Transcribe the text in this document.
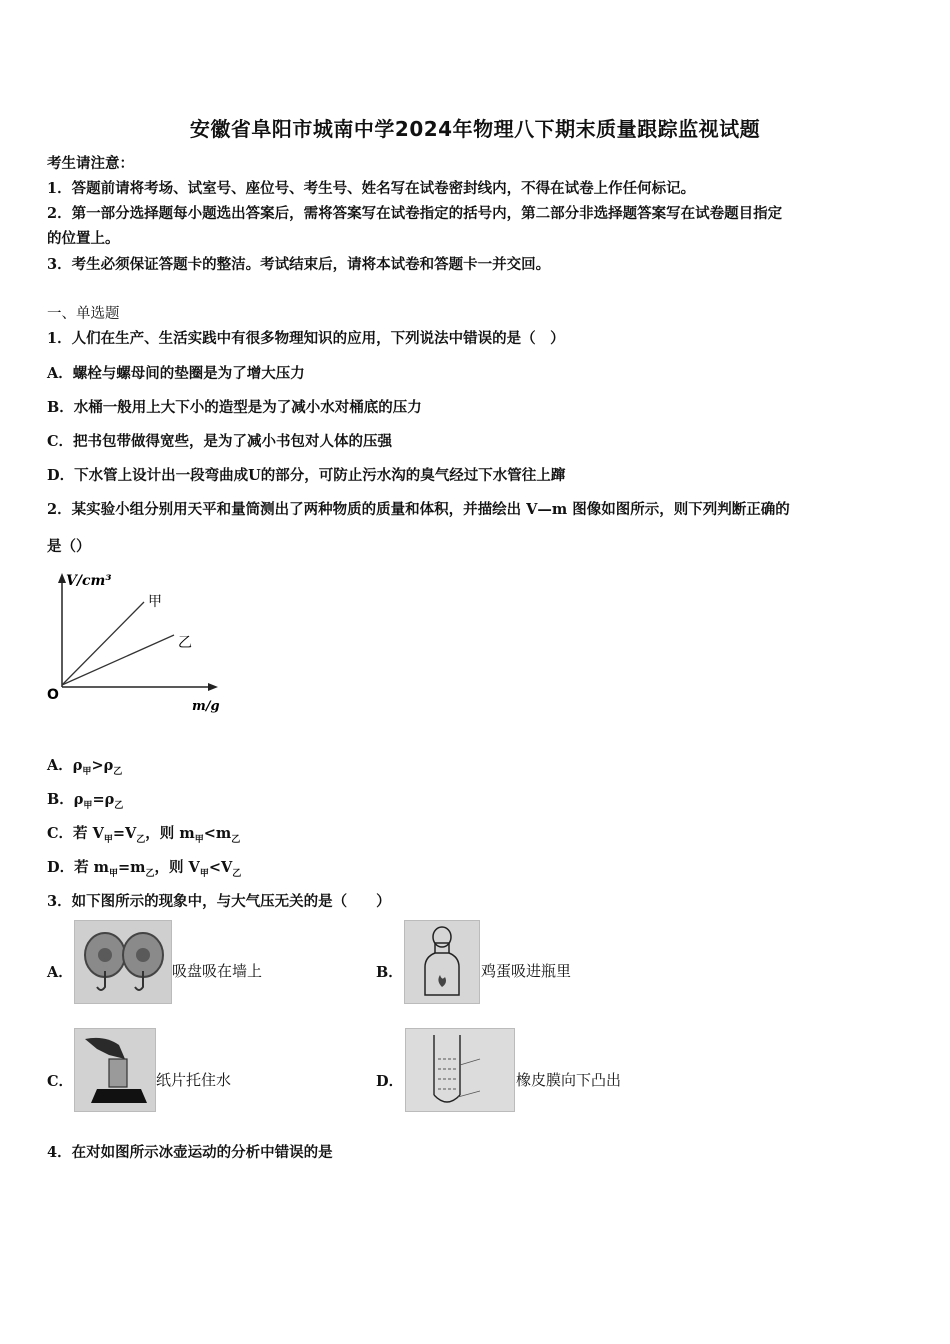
安徽省阜阳市城南中学2024年物理八下期末质量跟踪监视试题
考生请注意：
1．答题前请将考场、试室号、座位号、考生号、姓名写在试卷密封线内，不得在试卷上作任何标记。
2．第一部分选择题每小题选出答案后，需将答案写在试卷指定的括号内，第二部分非选择题答案写在试卷题目指定
的位置上。
3．考生必须保证答题卡的整洁。考试结束后，请将本试卷和答题卡一并交回。
一、单选题
1．人们在生产、生活实践中有很多物理知识的应用，下列说法中错误的是（　）
A．螺栓与螺母间的垫圈是为了增大压力
B．水桶一般用上大下小的造型是为了减小水对桶底的压力
C．把书包带做得宽些，是为了减小书包对人体的压强
D．下水管上设计出一段弯曲成U的部分，可防止污水沟的臭气经过下水管往上蹿
2．某实验小组分别用天平和量筒测出了两种物质的质量和体积，并描绘出 V—m 图像如图所示，则下列判断正确的
是（）
V/cm³
m/g
O
甲
乙
A．$\rho_甲>\rho_乙$
B．$\rho_甲=\rho_乙$
C．若 $V_甲=V_乙$，则 $m_甲<m_乙$
D．若 $m_甲=m_乙$，则 $V_甲<V_乙$
3．如下图所示的现象中，与大气压无关的是（　　）
A．	吸盘吸在墙上	B．	鸡蛋吸进瓶里
C．	纸片托住水	D．	橡皮膜向下凸出
4．在对如图所示冰壶运动的分析中错误的是
